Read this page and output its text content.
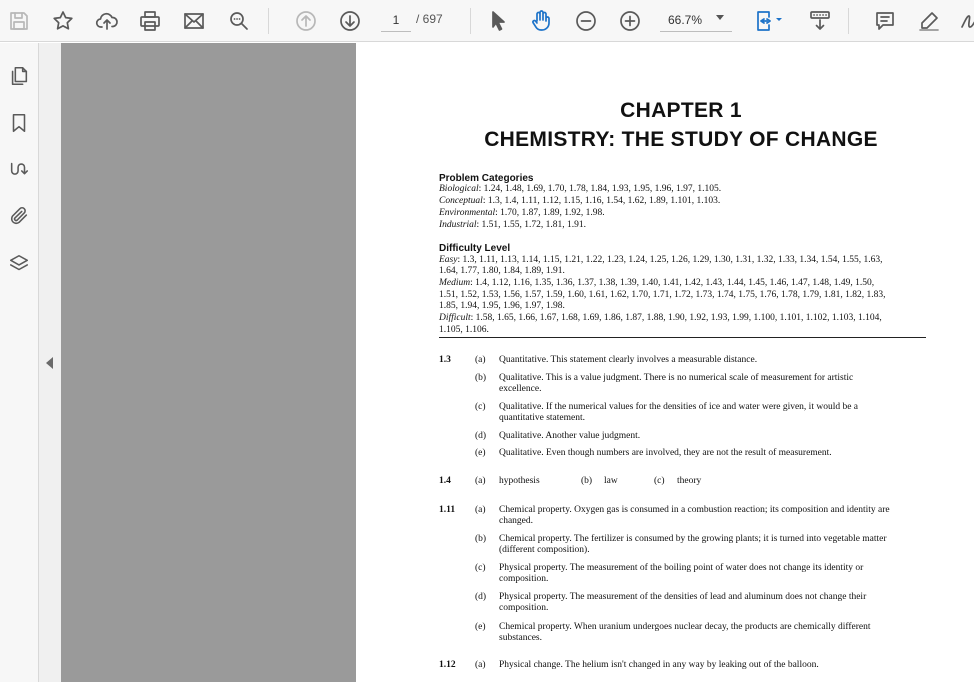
1
/ 697	66.7%
CHAPTER 1
CHEMISTRY: THE STUDY OF CHANGE
Problem Categories
Biological: 1.24, 1.48, 1.69, 1.70, 1.78, 1.84, 1.93, 1.95, 1.96, 1.97, 1.105.
Conceptual: 1.3, 1.4, 1.11, 1.12, 1.15, 1.16, 1.54, 1.62, 1.89, 1.101, 1.103.
Environmental: 1.70, 1.87, 1.89, 1.92, 1.98.
Industrial: 1.51, 1.55, 1.72, 1.81, 1.91.
Difficulty Level
Easy: 1.3, 1.11, 1.13, 1.14, 1.15, 1.21, 1.22, 1.23, 1.24, 1.25, 1.26, 1.29, 1.30, 1.31, 1.32, 1.33, 1.34, 1.54, 1.55, 1.63,
1.64, 1.77, 1.80, 1.84, 1.89, 1.91.
Medium: 1.4, 1.12, 1.16, 1.35, 1.36, 1.37, 1.38, 1.39, 1.40, 1.41, 1.42, 1.43, 1.44, 1.45, 1.46, 1.47, 1.48, 1.49, 1.50,
1.51, 1.52, 1.53, 1.56, 1.57, 1.59, 1.60, 1.61, 1.62, 1.70, 1.71, 1.72, 1.73, 1.74, 1.75, 1.76, 1.78, 1.79, 1.81, 1.82, 1.83,
1.85, 1.94, 1.95, 1.96, 1.97, 1.98.
Difficult: 1.58, 1.65, 1.66, 1.67, 1.68, 1.69, 1.86, 1.87, 1.88, 1.90, 1.92, 1.93, 1.99, 1.100, 1.101, 1.102, 1.103, 1.104,
1.105, 1.106.
1.3	(a) Quantitative. This statement clearly involves a measurable distance.
(b) Qualitative. This is a value judgment. There is no numerical scale of measurement for artistic
excellence.
(c) Qualitative. If the numerical values for the densities of ice and water were given, it would be a
quantitative statement.
(d) Qualitative. Another value judgment.
(e) Qualitative. Even though numbers are involved, they are not the result of measurement.
1.4	(a) hypothesis	(b) law	(c) theory
1.11 (a) Chemical property. Oxygen gas is consumed in a combustion reaction; its composition and identity are
changed.
(b) Chemical property. The fertilizer is consumed by the growing plants; it is turned into vegetable matter
(different composition).
(c) Physical property. The measurement of the boiling point of water does not change its identity or
composition.
(d) Physical property. The measurement of the densities of lead and aluminum does not change their
composition.
(e) Chemical property. When uranium undergoes nuclear decay, the products are chemically different
substances.
1.12 (a) Physical change. The helium isn't changed in any way by leaking out of the balloon.
